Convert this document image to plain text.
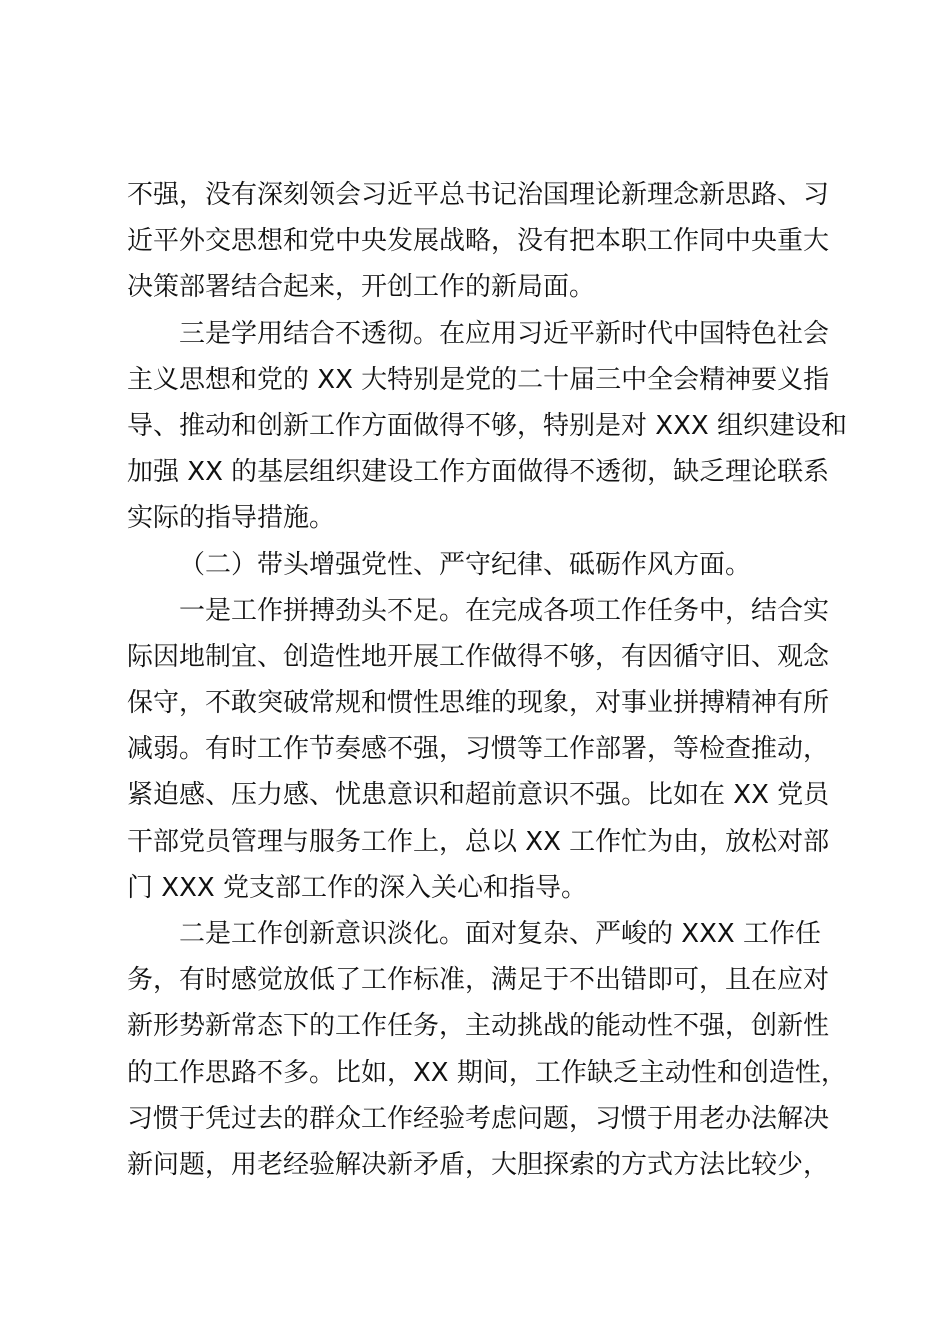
不强，没有深刻领会习近平总书记治国理论新理念新思路、习
近平外交思想和党中央发展战略，没有把本职工作同中央重大
决策部署结合起来，开创工作的新局面。
三是学用结合不透彻。在应用习近平新时代中国特色社会
主义思想和党的 XX 大特别是党的二十届三中全会精神要义指
导、推动和创新工作方面做得不够，特别是对 XXX 组织建设和
加强 XX 的基层组织建设工作方面做得不透彻，缺乏理论联系
实际的指导措施。
（二）带头增强党性、严守纪律、砥砺作风方面。
一是工作拼搏劲头不足。在完成各项工作任务中，结合实
际因地制宜、创造性地开展工作做得不够，有因循守旧、观念
保守，不敢突破常规和惯性思维的现象，对事业拼搏精神有所
减弱。有时工作节奏感不强，习惯等工作部署，等检查推动，
紧迫感、压力感、忧患意识和超前意识不强。比如在 XX 党员
干部党员管理与服务工作上，总以 XX 工作忙为由，放松对部
门 XXX 党支部工作的深入关心和指导。
二是工作创新意识淡化。面对复杂、严峻的 XXX 工作任
务，有时感觉放低了工作标准，满足于不出错即可，且在应对
新形势新常态下的工作任务，主动挑战的能动性不强，创新性
的工作思路不多。比如，XX 期间，工作缺乏主动性和创造性，
习惯于凭过去的群众工作经验考虑问题，习惯于用老办法解决
新问题，用老经验解决新矛盾，大胆探索的方式方法比较少，
